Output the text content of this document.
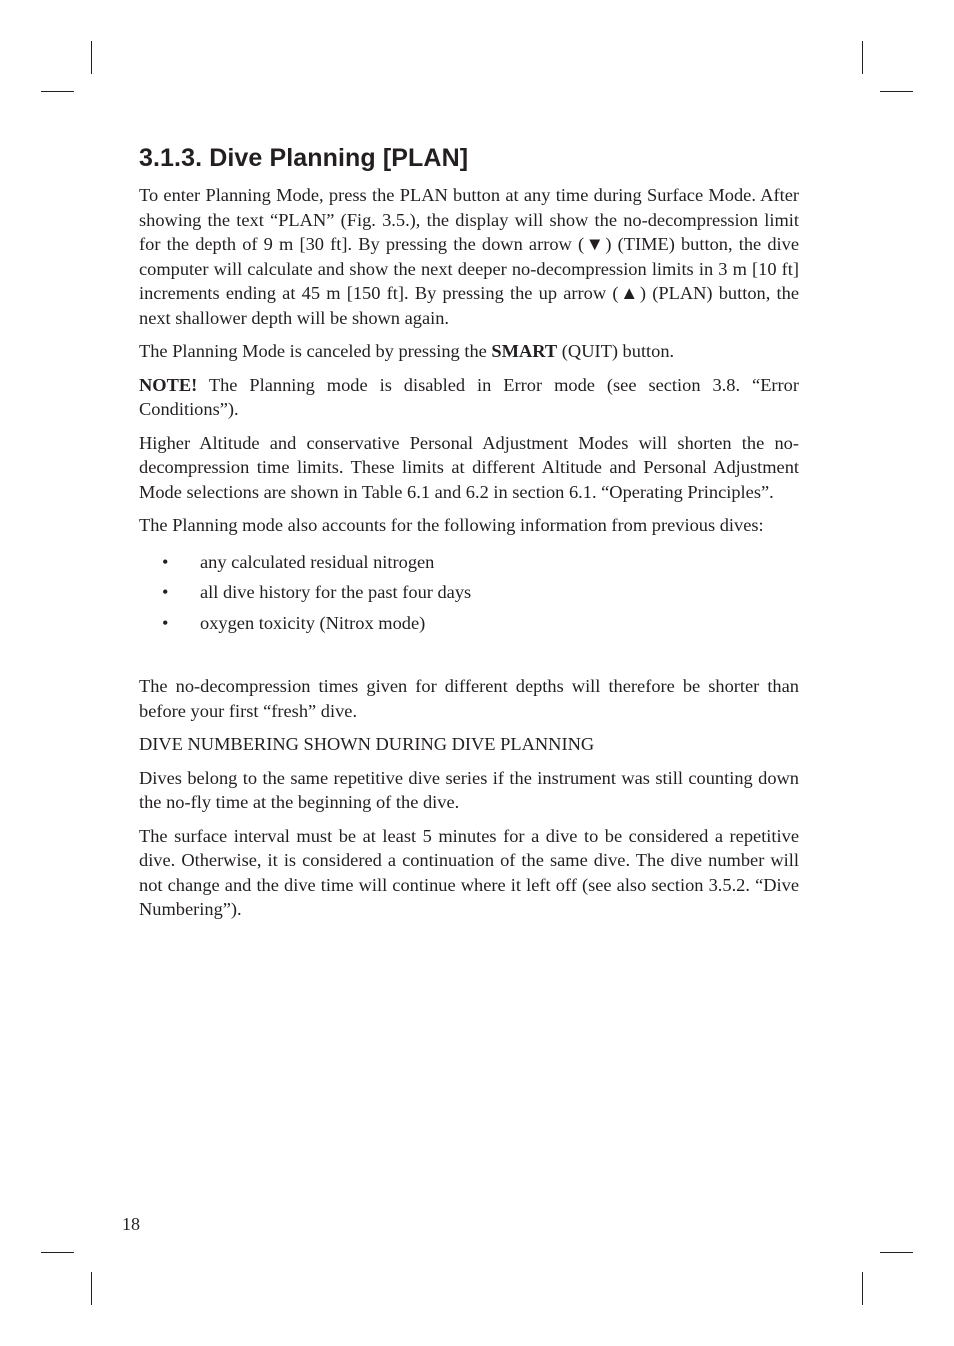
3.1.3. Dive Planning [PLAN]

To enter Planning Mode, press the PLAN button at any time during Surface Mode. After showing the text “PLAN” (Fig. 3.5.), the display will show the no-decompression limit for the depth of 9 m [30 ft]. By pressing the down arrow (▼) (TIME) button, the dive computer will calculate and show the next deeper no-decompression limits in 3 m [10 ft] increments ending at 45 m [150 ft]. By pressing the up arrow (▲) (PLAN) button, the next shallower depth will be shown again.

The Planning Mode is canceled by pressing the SMART (QUIT) button.

NOTE! The Planning mode is disabled in Error mode (see section 3.8. “Error Conditions”).

Higher Altitude and conservative Personal Adjustment Modes will shorten the no-decompression time limits. These limits at different Altitude and Personal Adjustment Mode selections are shown in Table 6.1 and 6.2 in section 6.1. “Operating Principles”.

The Planning mode also accounts for the following information from previous dives:

• any calculated residual nitrogen
• all dive history for the past four days
• oxygen toxicity (Nitrox mode)

The no-decompression times given for different depths will therefore be shorter than before your first “fresh” dive.

DIVE NUMBERING SHOWN DURING DIVE PLANNING

Dives belong to the same repetitive dive series if the instrument was still counting down the no-fly time at the beginning of the dive.

The surface interval must be at least 5 minutes for a dive to be considered a repetitive dive. Otherwise, it is considered a continuation of the same dive. The dive number will not change and the dive time will continue where it left off (see also section 3.5.2. “Dive Numbering”).

18
